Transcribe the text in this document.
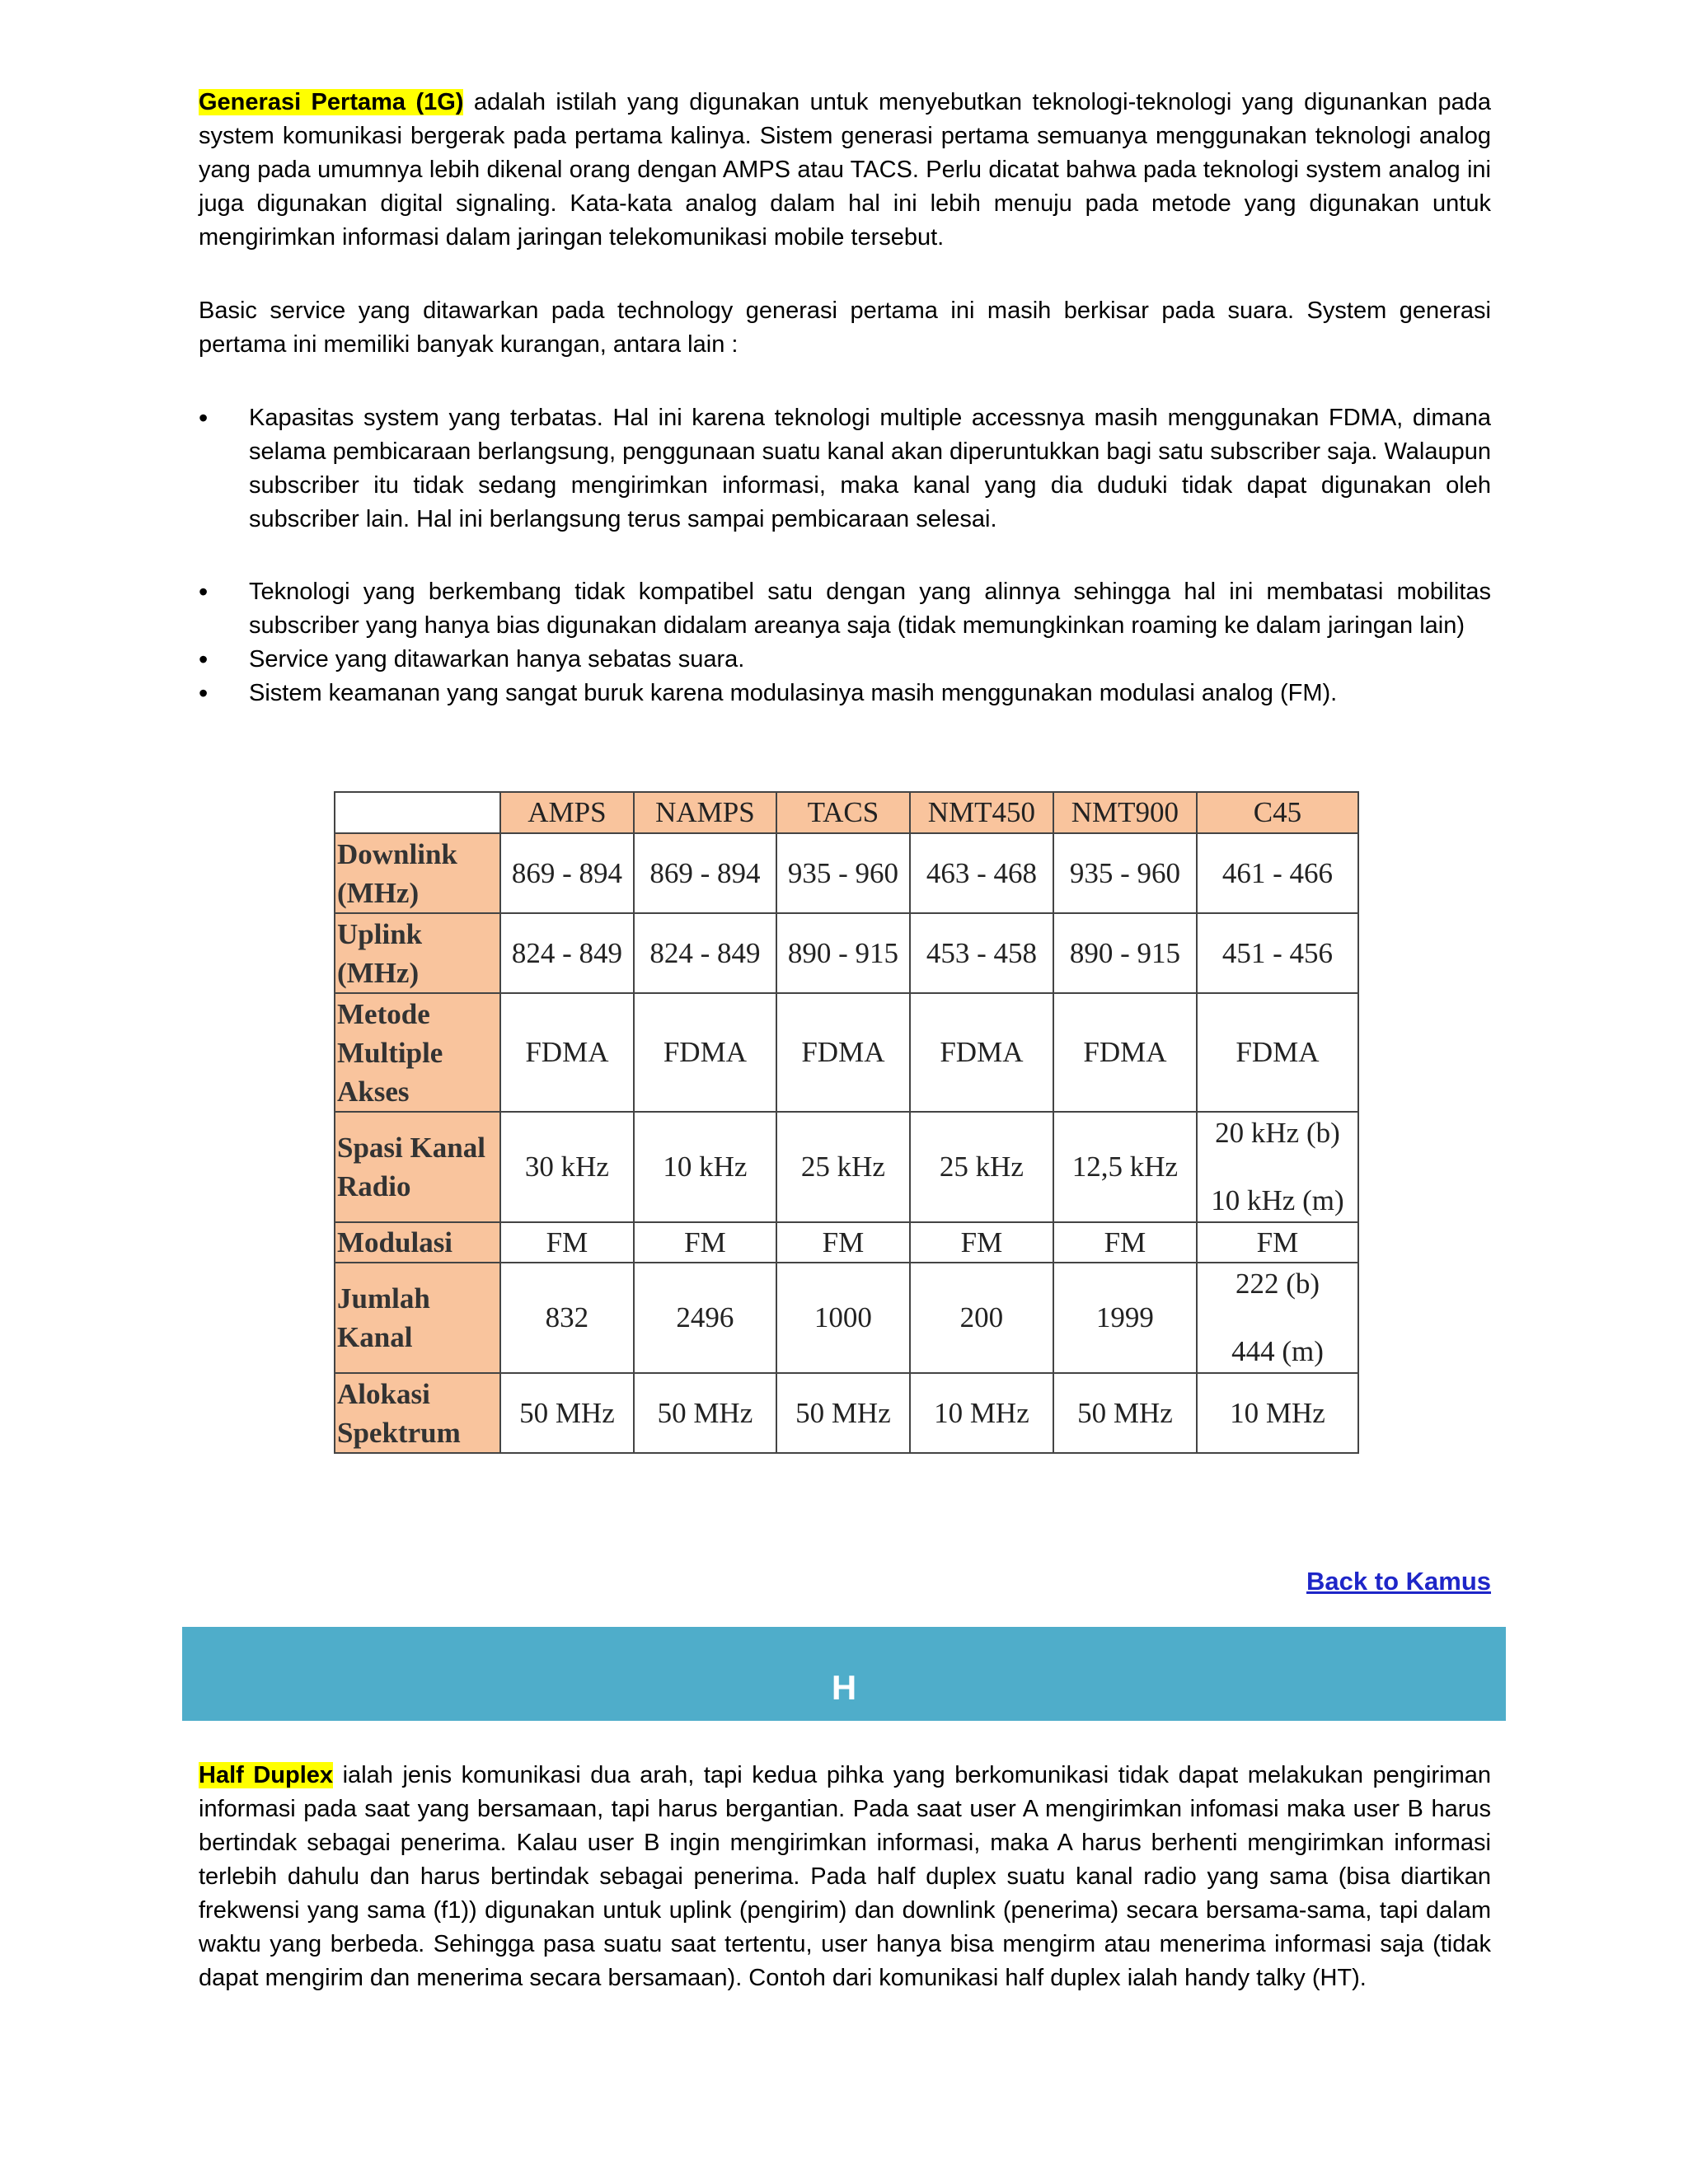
Generasi Pertama (1G) adalah istilah yang digunakan untuk menyebutkan teknologi-teknologi yang digunankan pada system komunikasi bergerak pada pertama kalinya. Sistem generasi pertama semuanya menggunakan teknologi analog yang pada umumnya lebih dikenal orang dengan AMPS atau TACS. Perlu dicatat bahwa pada teknologi system analog ini juga digunakan digital signaling. Kata-kata analog dalam hal ini lebih menuju pada metode yang digunakan untuk mengirimkan informasi dalam jaringan telekomunikasi mobile tersebut.

Basic service yang ditawarkan pada technology generasi pertama ini masih berkisar pada suara. System generasi pertama ini memiliki banyak kurangan, antara lain :

• Kapasitas system yang terbatas. Hal ini karena teknologi multiple accessnya masih menggunakan FDMA, dimana selama pembicaraan berlangsung, penggunaan suatu kanal akan diperuntukkan bagi satu subscriber saja. Walaupun subscriber itu tidak sedang mengirimkan informasi, maka kanal yang dia duduki tidak dapat digunakan oleh subscriber lain. Hal ini berlangsung terus sampai pembicaraan selesai.
• Teknologi yang berkembang tidak kompatibel satu dengan yang alinnya sehingga hal ini membatasi mobilitas subscriber yang hanya bias digunakan didalam areanya saja (tidak memungkinkan roaming ke dalam jaringan lain)
• Service yang ditawarkan hanya sebatas suara.
• Sistem keamanan yang sangat buruk karena modulasinya masih menggunakan modulasi analog (FM).
	AMPS	NAMPS	TACS	NMT450	NMT900	C45
Downlink (MHz)	869 - 894	869 - 894	935 - 960	463 - 468	935 - 960	461 - 466
Uplink (MHz)	824 - 849	824 - 849	890 - 915	453 - 458	890 - 915	451 - 456
Metode Multiple Akses	FDMA	FDMA	FDMA	FDMA	FDMA	FDMA
Spasi Kanal Radio	30 kHz	10 kHz	25 kHz	25 kHz	12,5 kHz	20 kHz (b)
10 kHz (m)

Modulasi	FM	FM	FM	FM	FM	FM
Jumlah Kanal	832	2496	1000	200	1999	222 (b)
444 (m)

Alokasi Spektrum	50 MHz	50 MHz	50 MHz	10 MHz	50 MHz	10 MHz
Back to Kamus
H

Half Duplex ialah jenis komunikasi dua arah, tapi kedua pihka yang berkomunikasi tidak dapat melakukan pengiriman informasi pada saat yang bersamaan, tapi harus bergantian. Pada saat user A mengirimkan infomasi maka user B harus bertindak sebagai penerima. Kalau user B ingin mengirimkan informasi, maka A harus berhenti mengirimkan informasi terlebih dahulu dan harus bertindak sebagai penerima. Pada half duplex suatu kanal radio yang sama (bisa diartikan frekwensi yang sama (f1)) digunakan untuk uplink (pengirim) dan downlink (penerima) secara bersama-sama, tapi dalam waktu yang berbeda. Sehingga pasa suatu saat tertentu, user hanya bisa mengirm atau menerima informasi saja (tidak dapat mengirim dan menerima secara bersamaan). Contoh dari komunikasi half duplex ialah handy talky (HT).
